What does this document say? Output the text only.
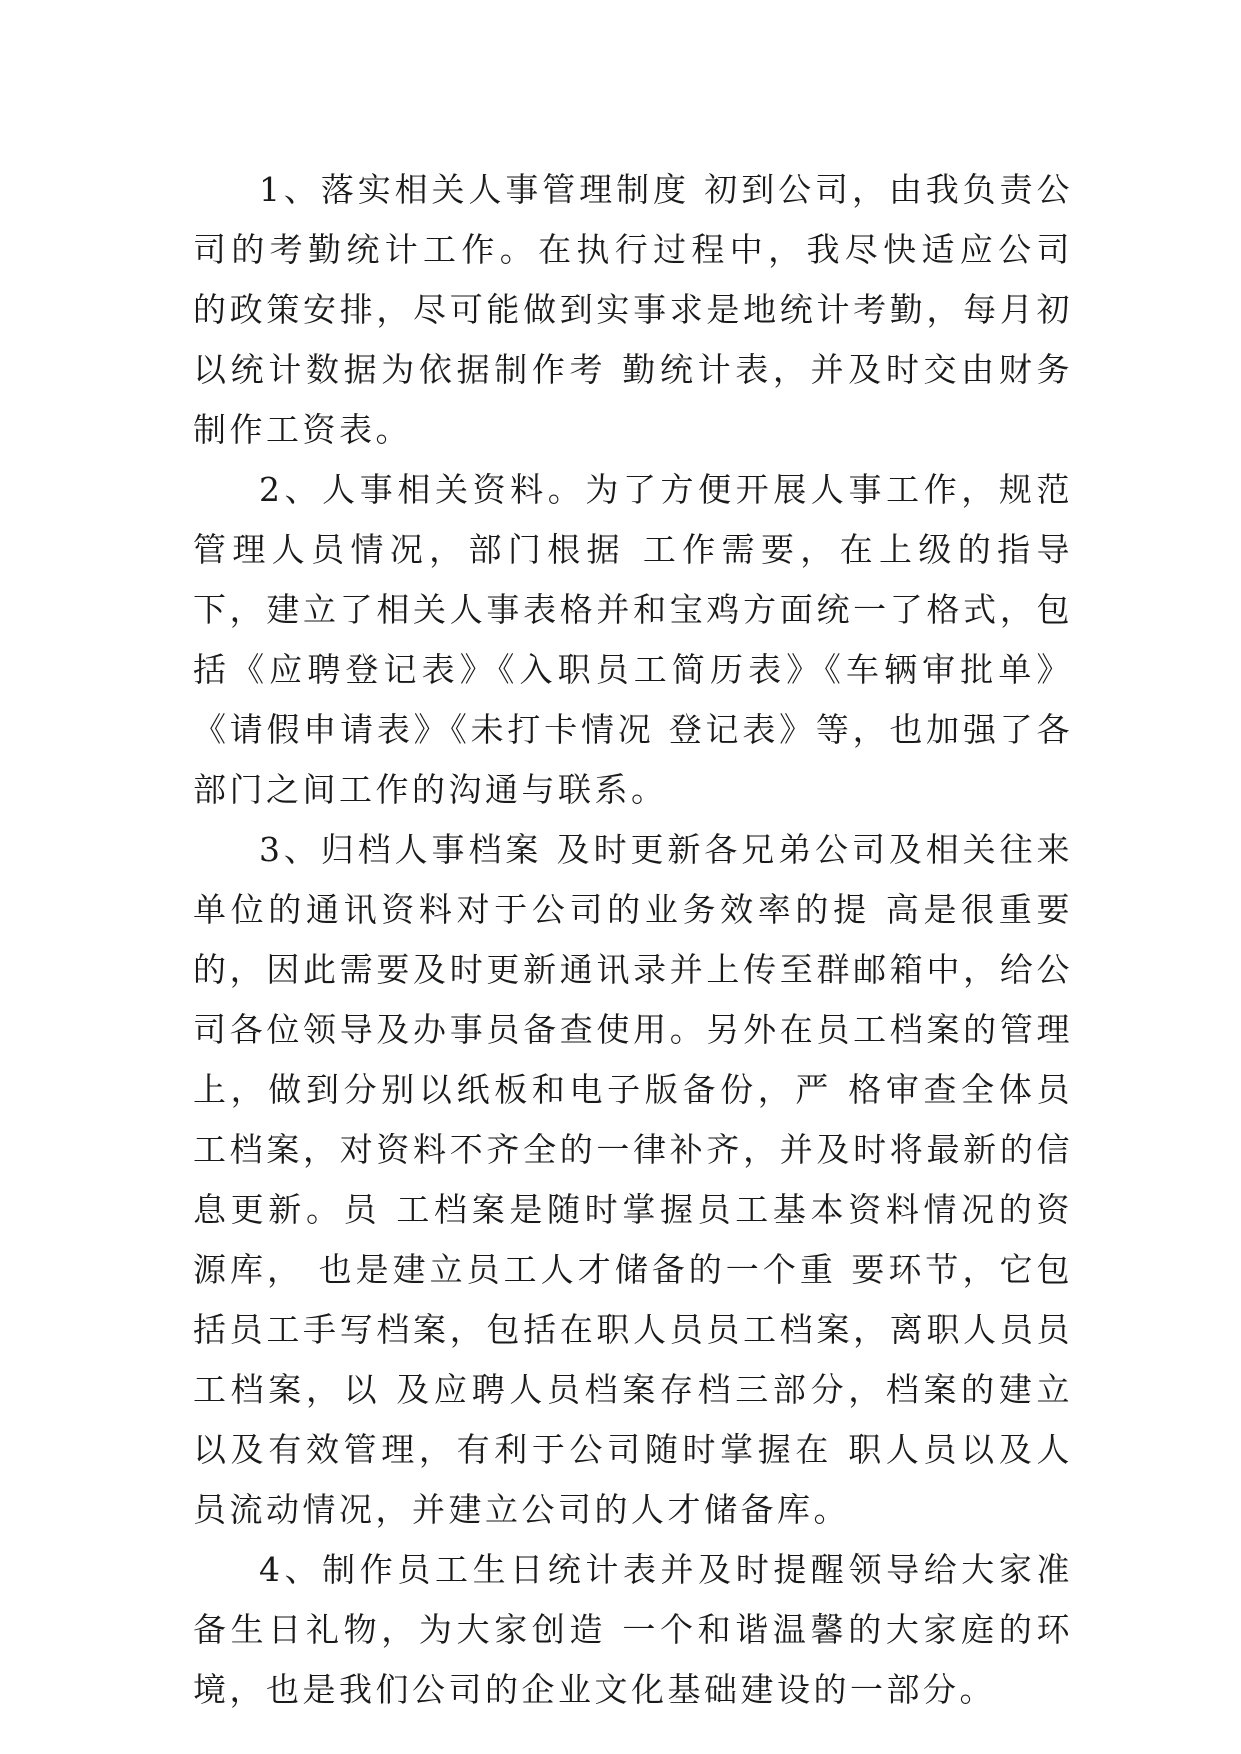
1、落实相关人事管理制度 初到公司，由我负责公司的考勤统计工作。在执行过程中，我尽快适应公司 的政策安排，尽可能做到实事求是地统计考勤，每月初以统计数据为依据制作考 勤统计表，并及时交由财务制作工资表。

2、人事相关资料。为了方便开展人事工作，规范管理人员情况，部门根据 工作需要，在上级的指导下，建立了相关人事表格并和宝鸡方面统一了格式，包 括《应聘登记表》《入职员工简历表》《车辆审批单》《请假申请表》《未打卡情况 登记表》等，也加强了各部门之间工作的沟通与联系。

3、归档人事档案 及时更新各兄弟公司及相关往来单位的通讯资料对于公司的业务效率的提 高是很重要的，因此需要及时更新通讯录并上传至群邮箱中，给公司各位领导及办事员备查使用。另外在员工档案的管理上，做到分别以纸板和电子版备份，严 格审查全体员工档案，对资料不齐全的一律补齐，并及时将最新的信息更新。员 工档案是随时掌握员工基本资料情况的资源库， 也是建立员工人才储备的一个重 要环节，它包括员工手写档案，包括在职人员员工档案，离职人员员工档案，以 及应聘人员档案存档三部分，档案的建立以及有效管理，有利于公司随时掌握在 职人员以及人员流动情况，并建立公司的人才储备库。

4、制作员工生日统计表并及时提醒领导给大家准备生日礼物，为大家创造 一个和谐温馨的大家庭的环境，也是我们公司的企业文化基础建设的一部分。
